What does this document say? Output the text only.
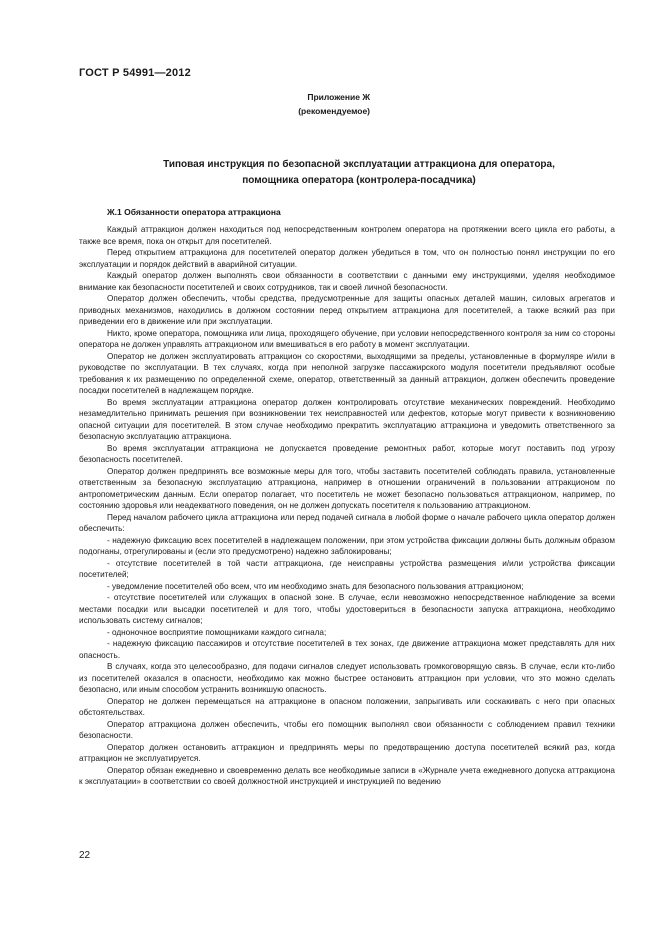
ГОСТ Р 54991—2012
Приложение Ж
(рекомендуемое)
Типовая инструкция по безопасной эксплуатации аттракциона для оператора,
помощника оператора (контролера-посадчика)
Ж.1 Обязанности оператора аттракциона

Каждый аттракцион должен находиться под непосредственным контролем оператора на протяжении всего цикла его работы, а также все время, пока он открыт для посетителей.

Перед открытием аттракциона для посетителей оператор должен убедиться в том, что он полностью понял инструкции по его эксплуатации и порядок действий в аварийной ситуации.

Каждый оператор должен выполнять свои обязанности в соответствии с данными ему инструкциями, уделяя необходимое внимание как безопасности посетителей и своих сотрудников, так и своей личной безопасности.

Оператор должен обеспечить, чтобы средства, предусмотренные для защиты опасных деталей машин, силовых агрегатов и приводных механизмов, находились в должном состоянии перед открытием аттракциона для посетителей, а также всякий раз при приведении его в движение или при эксплуатации.

Никто, кроме оператора, помощника или лица, проходящего обучение, при условии непосредственного контроля за ним со стороны оператора не должен управлять аттракционом или вмешиваться в его работу в момент эксплуатации.

Оператор не должен эксплуатировать аттракцион со скоростями, выходящими за пределы, установленные в формуляре и/или в руководстве по эксплуатации. В тех случаях, когда при неполной загрузке пассажирского модуля посетители предъявляют особые требования к их размещению по определенной схеме, оператор, ответственный за данный аттракцион, должен обеспечить проведение посадки посетителей в надлежащем порядке.

Во время эксплуатации аттракциона оператор должен контролировать отсутствие механических повреждений. Необходимо незамедлительно принимать решения при возникновении тех неисправностей или дефектов, которые могут привести к возникновению опасной ситуации для посетителей. В этом случае необходимо прекратить эксплуатацию аттракциона и уведомить ответственного за безопасную эксплуатацию аттракциона.

Во время эксплуатации аттракциона не допускается проведение ремонтных работ, которые могут поставить под угрозу безопасность посетителей.

Оператор должен предпринять все возможные меры для того, чтобы заставить посетителей соблюдать правила, установленные ответственным за безопасную эксплуатацию аттракциона, например в отношении ограничений в пользовании аттракционом по антропометрическим данным. Если оператор полагает, что посетитель не может безопасно пользоваться аттракционом, например, по состоянию здоровья или неадекватного поведения, он не должен допускать посетителя к пользованию аттракционом.

Перед началом рабочего цикла аттракциона или перед подачей сигнала в любой форме о начале рабочего цикла оператор должен обеспечить:

- надежную фиксацию всех посетителей в надлежащем положении, при этом устройства фиксации должны быть должным образом подогнаны, отрегулированы и (если это предусмотрено) надежно заблокированы;

- отсутствие посетителей в той части аттракциона, где неисправны устройства размещения и/или устройства фиксации посетителей;

- уведомление посетителей обо всем, что им необходимо знать для безопасного пользования аттракционом;

- отсутствие посетителей или служащих в опасной зоне. В случае, если невозможно непосредственное наблюдение за всеми местами посадки или высадки посетителей и для того, чтобы удостовериться в безопасности запуска аттракциона, необходимо использовать систему сигналов;

- одноночное восприятие помощниками каждого сигнала;

- надежную фиксацию пассажиров и отсутствие посетителей в тех зонах, где движение аттракциона может представлять для них опасность.

В случаях, когда это целесообразно, для подачи сигналов следует использовать громкоговорящую связь. В случае, если кто-либо из посетителей оказался в опасности, необходимо как можно быстрее остановить аттракцион при условии, что это можно сделать безопасно, или иным способом устранить возникшую опасность.

Оператор не должен перемещаться на аттракционе в опасном положении, запрыгивать или соскакивать с него при опасных обстоятельствах.

Оператор аттракциона должен обеспечить, чтобы его помощник выполнял свои обязанности с соблюдением правил техники безопасности.

Оператор должен остановить аттракцион и предпринять меры по предотвращению доступа посетителей всякий раз, когда аттракцион не эксплуатируется.

Оператор обязан ежедневно и своевременно делать все необходимые записи в «Журнале учета ежедневного допуска аттракциона к эксплуатации» в соответствии со своей должностной инструкцией и инструкцией по ведению

22
